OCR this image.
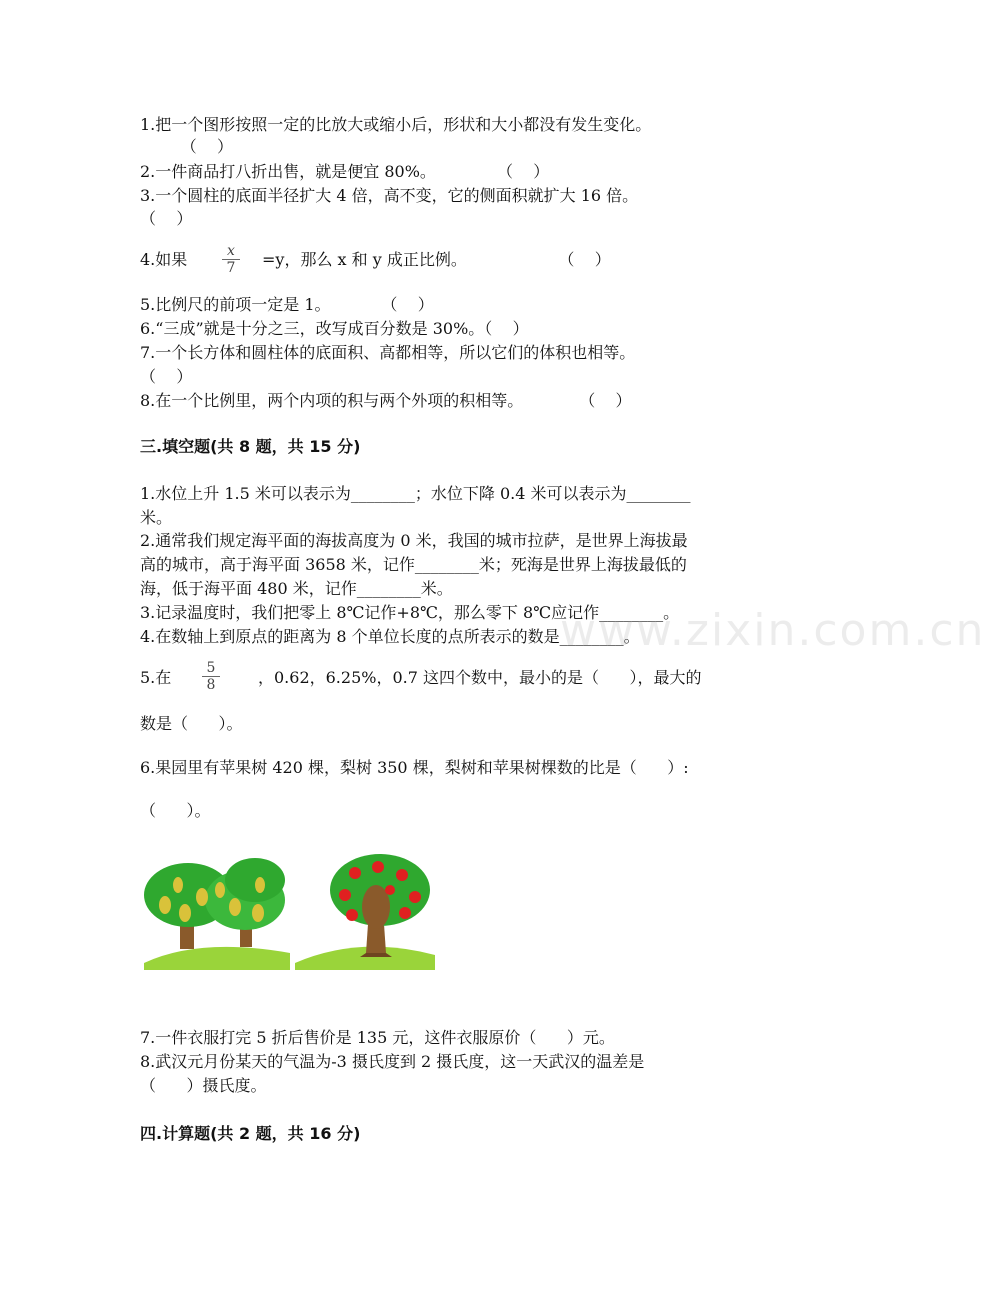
1.把一个图形按照一定的比放大或缩小后，形状和大小都没有发生变化。
（    ）
2.一件商品打八折出售，就是便宜 80%。            （    ）
3.一个圆柱的底面半径扩大 4 倍，高不变，它的侧面积就扩大 16 倍。
（    ）
4.如果 $\frac{x}{7} =y$，那么 x 和 y 成正比例。                  （    ）
5.比例尺的前项一定是 1。          （    ）
6.“三成”就是十分之三，改写成百分数是 30%。（    ）
7.一个长方体和圆柱体的底面积、高都相等，所以它们的体积也相等。
（    ）
8.在一个比例里，两个内项的积与两个外项的积相等。           （    ）
三.填空题(共 8 题，共 15 分)
1.水位上升 1.5 米可以表示为________；水位下降 0.4 米可以表示为________
米。
2.通常我们规定海平面的海拔高度为 0 米，我国的城市拉萨，是世界上海拔最
高的城市，高于海平面 3658 米，记作________米；死海是世界上海拔最低的
海，低于海平面 480 米，记作________米。
3.记录温度时，我们把零上 8℃记作+8℃，那么零下 8℃应记作________。
4.在数轴上到原点的距离为 8 个单位长度的点所表示的数是________。
5.在 $\frac{5}{8}$ ，0.62，6.25%，0.7 这四个数中，最小的是（      ），最大的
数是（      ）。
6.果园里有苹果树 420 棵，梨树 350 棵，梨树和苹果树棵数的比是（      ）:
（      ）。
7.一件衣服打完 5 折后售价是 135 元，这件衣服原价（      ）元。
8.武汉元月份某天的气温为-3 摄氏度到 2 摄氏度，这一天武汉的温差是
（      ）摄氏度。
四.计算题(共 2 题，共 16 分)
www.zixin.com.cn
